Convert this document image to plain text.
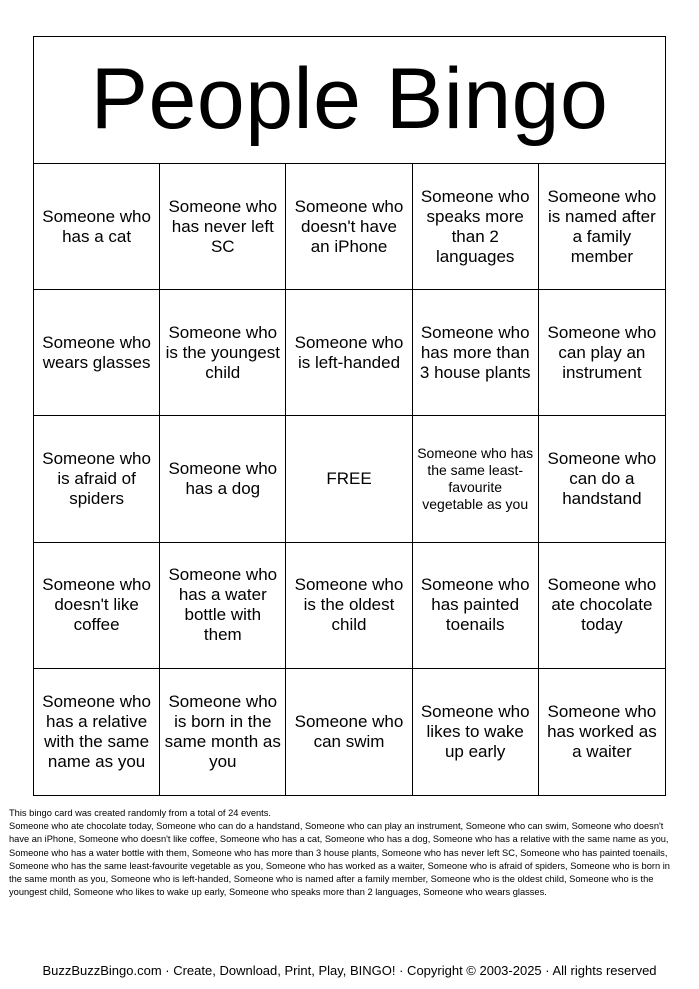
People Bingo
Someone who has a cat
Someone who has never left SC
Someone who doesn't have an iPhone
Someone who speaks more than 2 languages
Someone who is named after a family member
Someone who wears glasses
Someone who is the youngest child
Someone who is left-handed
Someone who has more than 3 house plants
Someone who can play an instrument
Someone who is afraid of spiders
Someone who has a dog
FREE
Someone who has the same least-favourite vegetable as you
Someone who can do a handstand
Someone who doesn't like coffee
Someone who has a water bottle with them
Someone who is the oldest child
Someone who has painted toenails
Someone who ate chocolate today
Someone who has a relative with the same name as you
Someone who is born in the same month as you
Someone who can swim
Someone who likes to wake up early
Someone who has worked as a waiter

This bingo card was created randomly from a total of 24 events.

Someone who ate chocolate today, Someone who can do a handstand, Someone who can play an instrument, Someone who can swim, Someone who doesn't have an iPhone, Someone who doesn't like coffee, Someone who has a cat, Someone who has a dog, Someone who has a relative with the same name as you, Someone who has a water bottle with them, Someone who has more than 3 house plants, Someone who has never left SC, Someone who has painted toenails, Someone who has the same least-favourite vegetable as you, Someone who has worked as a waiter, Someone who is afraid of spiders, Someone who is born in the same month as you, Someone who is left-handed, Someone who is named after a family member, Someone who is the oldest child, Someone who is the youngest child, Someone who likes to wake up early, Someone who speaks more than 2 languages, Someone who wears glasses.

BuzzBuzzBingo.com · Create, Download, Print, Play, BINGO! · Copyright © 2003-2025 · All rights reserved
